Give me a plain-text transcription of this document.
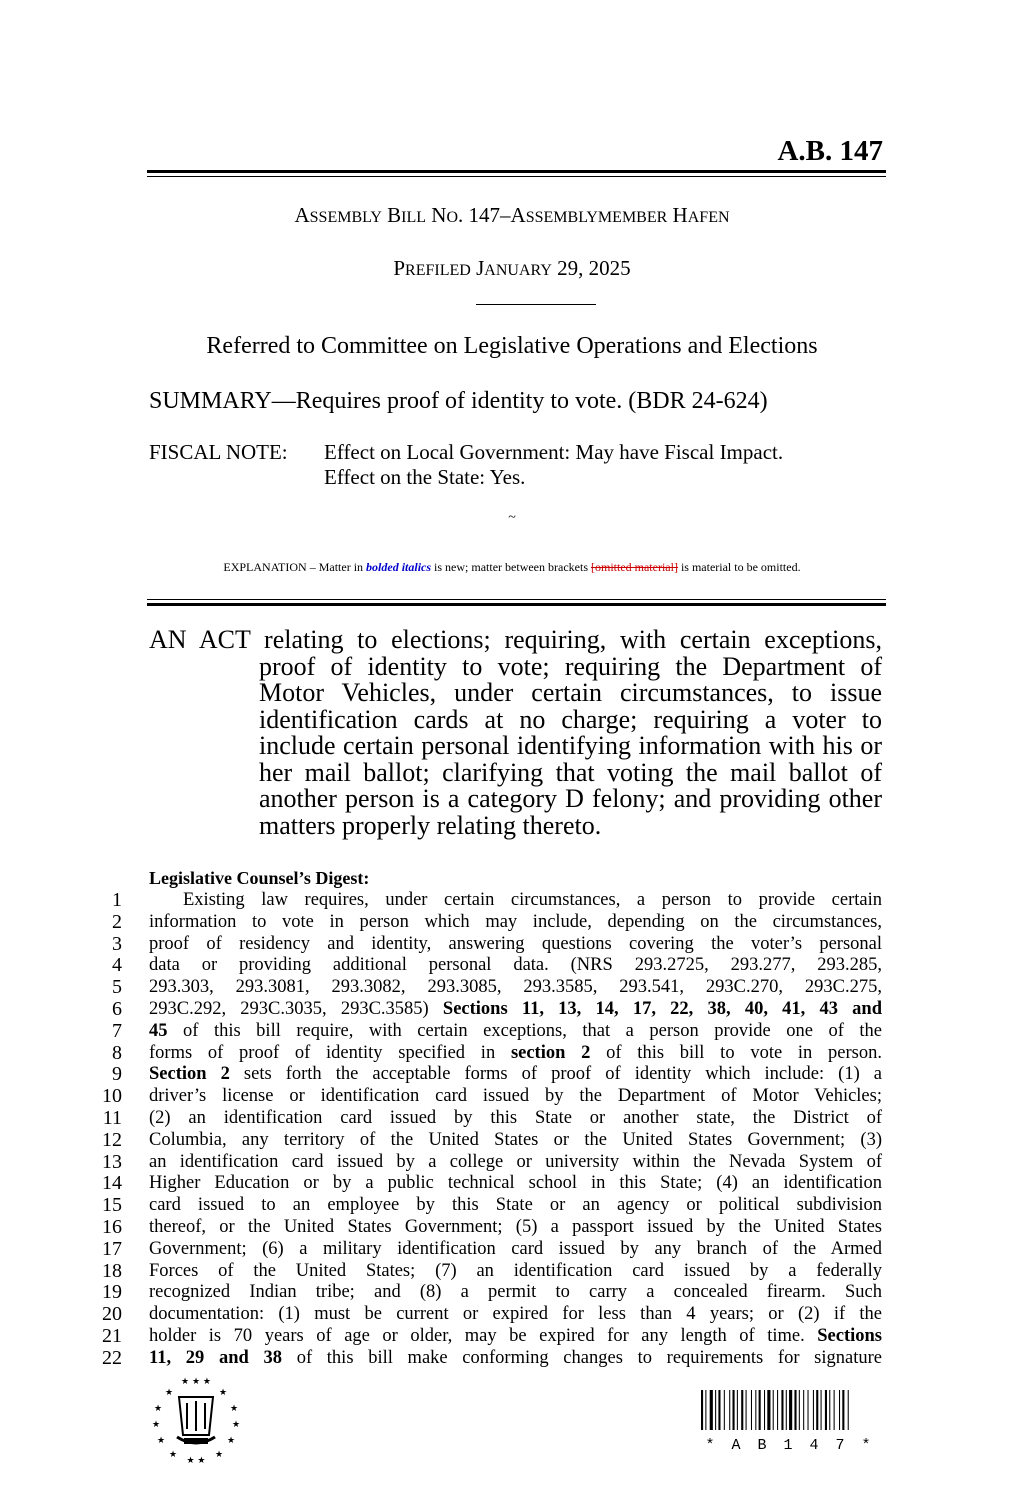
A.B. 147
ASSEMBLY BILL NO. 147–ASSEMBLYMEMBER HAFEN
PREFILED JANUARY 29, 2025
Referred to Committee on Legislative Operations and Elections
SUMMARY—Requires proof of identity to vote. (BDR 24-624)
FISCAL NOTE: Effect on Local Government: May have Fiscal Impact.
Effect on the State: Yes.
~
EXPLANATION – Matter in bolded italics is new; matter between brackets [omitted material] is material to be omitted.

AN ACT relating to elections; requiring, with certain exceptions,

proof of identity to vote; requiring the Department of Motor Vehicles, under certain circumstances, to issue identification cards at no charge; requiring a voter to include certain personal identifying information with his or her mail ballot; clarifying that voting the mail ballot of another person is a category D felony; and providing other matters properly relating thereto.

Legislative Counsel’s Digest:
1	Existing law requires, under certain circumstances, a person to provide certain
2 information to vote in person which may include, depending on the circumstances,
3 proof of residency and identity, answering questions covering the voter’s personal
4 data or providing additional personal data. (NRS 293.2725, 293.277, 293.285,
5 293.303, 293.3081, 293.3082, 293.3085, 293.3585, 293.541, 293C.270, 293C.275,
6 293C.292, 293C.3035, 293C.3585) Sections 11, 13, 14, 17, 22, 38, 40, 41, 43 and
7 45 of this bill require, with certain exceptions, that a person provide one of the
8 forms of proof of identity specified in section 2 of this bill to vote in person.
9 Section 2 sets forth the acceptable forms of proof of identity which include: (1) a
10 driver’s license or identification card issued by the Department of Motor Vehicles;
11 (2) an identification card issued by this State or another state, the District of
12 Columbia, any territory of the United States or the United States Government; (3)
13 an identification card issued by a college or university within the Nevada System of
14 Higher Education or by a public technical school in this State; (4) an identification
15 card issued to an employee by this State or an agency or political subdivision
16 thereof, or the United States Government; (5) a passport issued by the United States
17 Government; (6) a military identification card issued by any branch of the Armed
18 Forces of the United States; (7) an identification card issued by a federally
19 recognized Indian tribe; and (8) a permit to carry a concealed firearm. Such
20 documentation: (1) must be current or expired for less than 4 years; or (2) if the
21 holder is 70 years of age or older, may be expired for any length of time. Sections
22 11, 29 and 38 of this bill make conforming changes to requirements for signature
★ ★ ★
★	★
★	★
★	★
★	★
★	★
★ ★
* A B 1 4 7 *
